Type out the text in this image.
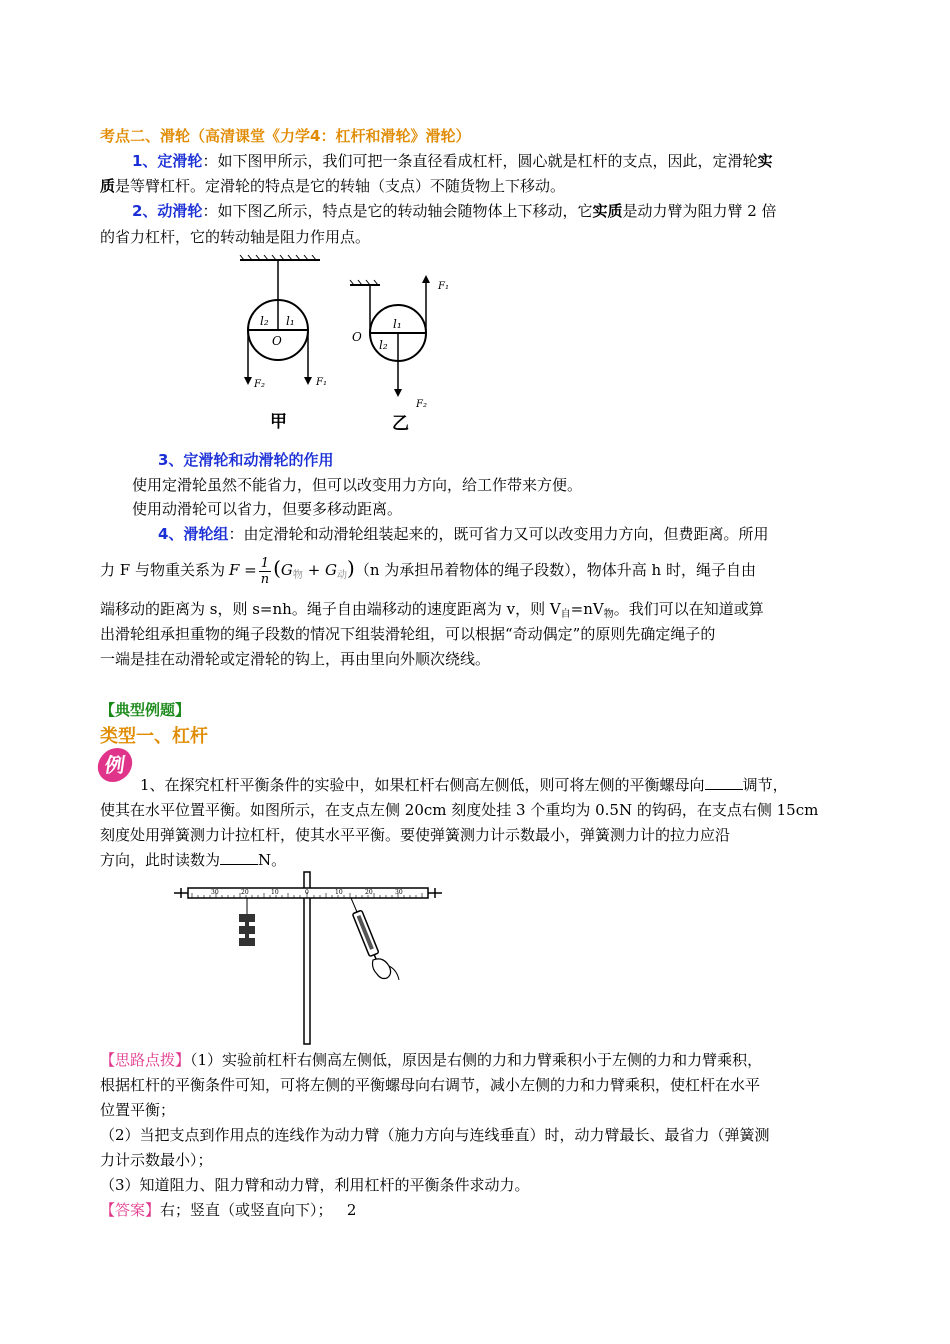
考点二、滑轮（高清课堂《力学4：杠杆和滑轮》滑轮）
1、定滑轮：如下图甲所示，我们可把一条直径看成杠杆，圆心就是杠杆的支点，因此，定滑轮实
质是等臂杠杆。定滑轮的特点是它的转轴（支点）不随货物上下移动。
2、动滑轮：如下图乙所示，特点是它的转动轴会随物体上下移动，它实质是动力臂为阻力臂 2 倍
的省力杠杆，它的转动轴是阻力作用点。
l₂ l₁
O
F₂	F₁
甲
O
l₁
l₂
F₁
F₂
乙
3、定滑轮和动滑轮的作用
使用定滑轮虽然不能省力，但可以改变用力方向，给工作带来方便。
使用动滑轮可以省力，但要多移动距离。
4、滑轮组：由定滑轮和动滑轮组装起来的，既可省力又可以改变用力方向，但费距离。所用
力 F 与物重关系为 $F = \frac{1}{n} (G_物 + G_动)(n$ 为承担吊着物体的绳子段数），物体升高 h 时，绳子自由
端移动的距离为 s，则 s=nh。绳子自由端移动的速度距离为 v，则 $V_自=nV_物$。我们可以在知道或算
出滑轮组承担重物的绳子段数的情况下组装滑轮组，可以根据“奇动偶定”的原则先确定绳子的
一端是挂在动滑轮或定滑轮的钩上，再由里向外顺次绕线。
【典型例题】
类型一、杠杆
例
1、在探究杠杆平衡条件的实验中，如果杠杆右侧高左侧低，则可将左侧的平衡螺母向	调节，
使其在水平位置平衡。如图所示，在支点左侧 20cm 刻度处挂 3 个重均为 0.5N 的钩码，在支点右侧 15cm
刻度处用弹簧测力计拉杠杆，使其水平平衡。要使弹簧测力计示数最小，弹簧测力计的拉力应沿
方向，此时读数为	N。
30	20	10	0	10	20	30
【思路点拨】（1）实验前杠杆右侧高左侧低，原因是右侧的力和力臂乘积小于左侧的力和力臂乘积，
根据杠杆的平衡条件可知，可将左侧的平衡螺母向右调节，减小左侧的力和力臂乘积，使杠杆在水平
位置平衡；
（2）当把支点到作用点的连线作为动力臂（施力方向与连线垂直）时，动力臂最长、最省力（弹簧测
力计示数最小）；
（3）知道阻力、阻力臂和动力臂，利用杠杆的平衡条件求动力。
【答案】右；竖直（或竖直向下）；   2
